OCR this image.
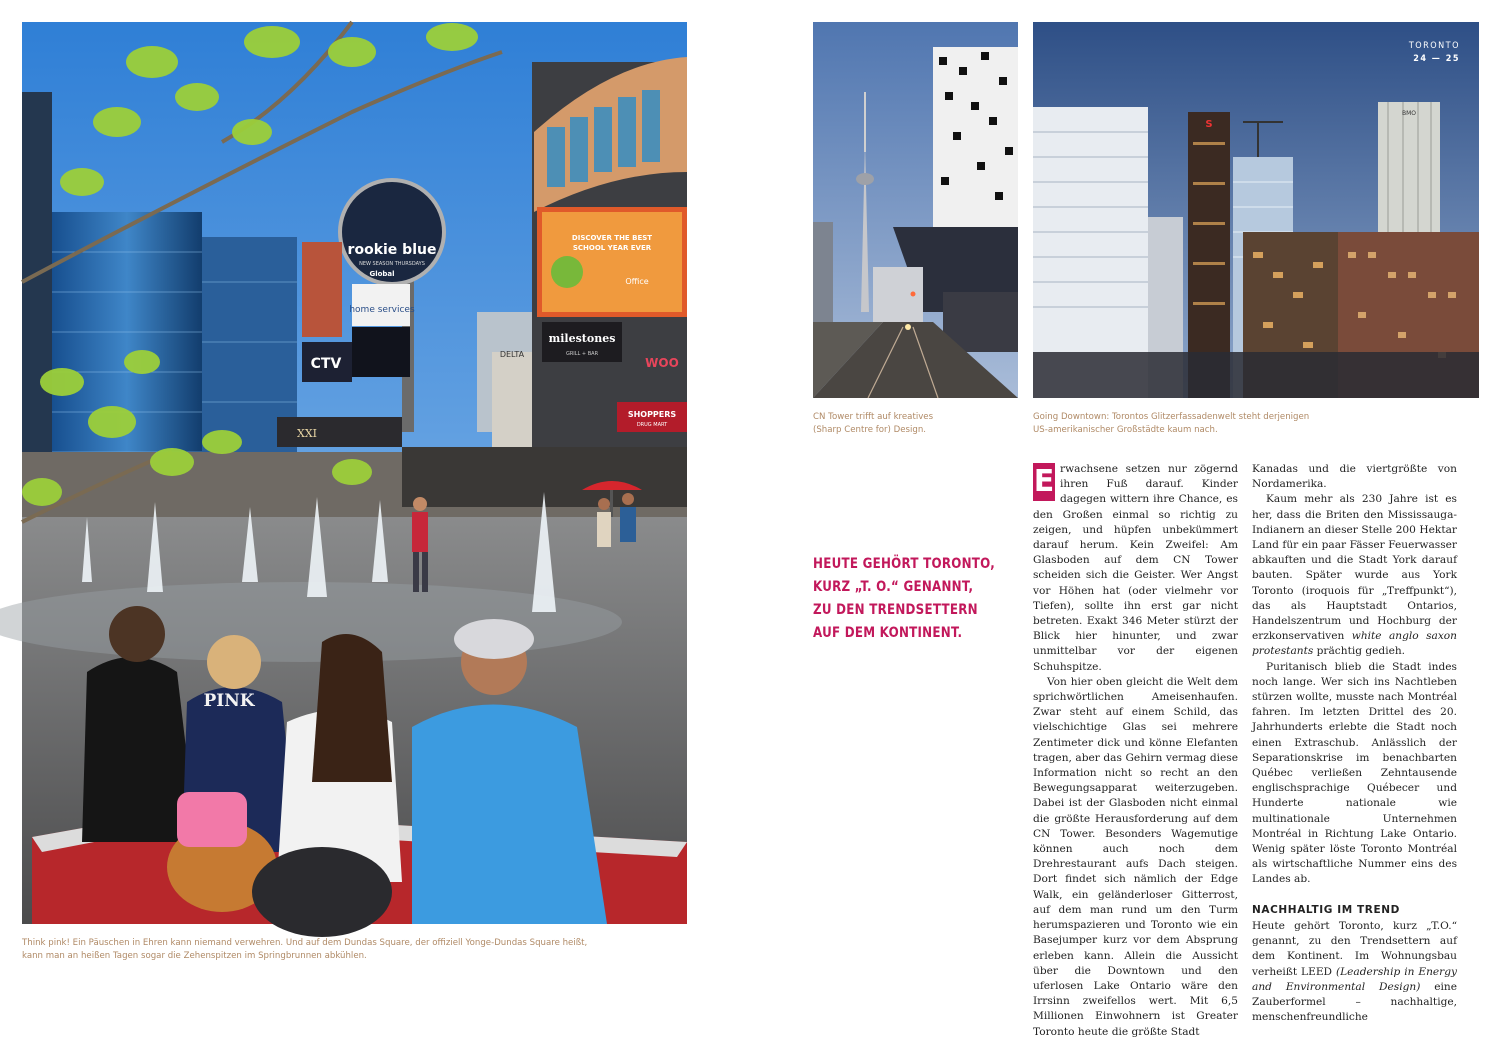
rookie blue
NEW SEASON THURSDAYS
Global
home services
CTV
DISCOVER THE BEST
SCHOOL YEAR EVER
Office
milestones
GRILL + BAR
WOO
DELTA
SHOPPERS
DRUG MART
XXI
PINK
Think pink! Ein Päuschen in Ehren kann niemand verwehren. Und auf dem Dundas Square, der offiziell Yonge-Dundas Square heißt,
kann man an heißen Tagen sogar die Zehenspitzen im Springbrunnen abkühlen.
CN Tower trifft auf kreatives
(Sharp Centre for) Design.
S
BMO
Going Downtown: Torontos Glitzerfassadenwelt steht derjenigen
US-amerikanischer Großstädte kaum nach.
TORONTO
24 — 25
HEUTE GEHÖRT TORONTO,
KURZ „T. O.“ GENANNT,
ZU DEN TRENDSETTERN
AUF DEM KONTINENT.

E rwachsene setzen nur zögernd ihren Fuß darauf. Kinder dagegen wittern ihre Chance, es den Großen einmal so richtig zu zeigen, und hüpfen unbekümmert darauf herum. Kein Zweifel: Am Glasboden auf dem CN Tower scheiden sich die Geister. Wer Angst vor Höhen hat (oder vielmehr vor Tiefen), sollte ihn erst gar nicht betreten. Exakt 346 Meter stürzt der Blick hier hinunter, und zwar unmittelbar vor der eigenen Schuhspitze.

Von hier oben gleicht die Welt dem sprichwörtlichen Ameisenhaufen. Zwar steht auf einem Schild, das vielschichtige Glas sei mehrere Zentimeter dick und könne Elefanten tragen, aber das Gehirn vermag diese Information nicht so recht an den Bewegungsapparat weiterzugeben. Dabei ist der Glasboden nicht einmal die größte Herausforderung auf dem CN Tower. Besonders Wagemutige können auch noch dem Drehrestaurant aufs Dach steigen. Dort findet sich nämlich der Edge Walk, ein geländerloser Gitterrost, auf dem man rund um den Turm herumspazieren und Toronto wie ein Basejumper kurz vor dem Absprung erleben kann. Allein die Aussicht über die Downtown und den uferlosen Lake Ontario wäre den Irrsinn zweifellos wert. Mit 6,5 Millionen Einwohnern ist Greater Toronto heute die größte Stadt

Kanadas und die viertgrößte von Nordamerika.

Kaum mehr als 230 Jahre ist es her, dass die Briten den Mississauga-Indianern an dieser Stelle 200 Hektar Land für ein paar Fässer Feuerwasser abkauften und die Stadt York darauf bauten. Später wurde aus York Toronto (iroquois für „Treffpunkt“), das als Hauptstadt Ontarios, Handelszentrum und Hochburg der erzkonservativen white anglo saxon protestants prächtig gedieh.

Puritanisch blieb die Stadt indes noch lange. Wer sich ins Nachtleben stürzen wollte, musste nach Montréal fahren. Im letzten Drittel des 20. Jahrhunderts erlebte die Stadt noch einen Extraschub. Anlässlich der Separationskrise im benachbarten Québec verließen Zehntausende englischsprachige Québecer und Hunderte nationale wie multinationale Unternehmen Montréal in Richtung Lake Ontario. Wenig später löste Toronto Montréal als wirtschaftliche Nummer eins des Landes ab.

NACHHALTIG IM TREND

Heute gehört Toronto, kurz „T.O.“ genannt, zu den Trendsettern auf dem Kontinent. Im Wohnungsbau verheißt LEED (Leadership in Energy and Environmental Design) eine Zauberformel – nachhaltige, menschenfreundliche
